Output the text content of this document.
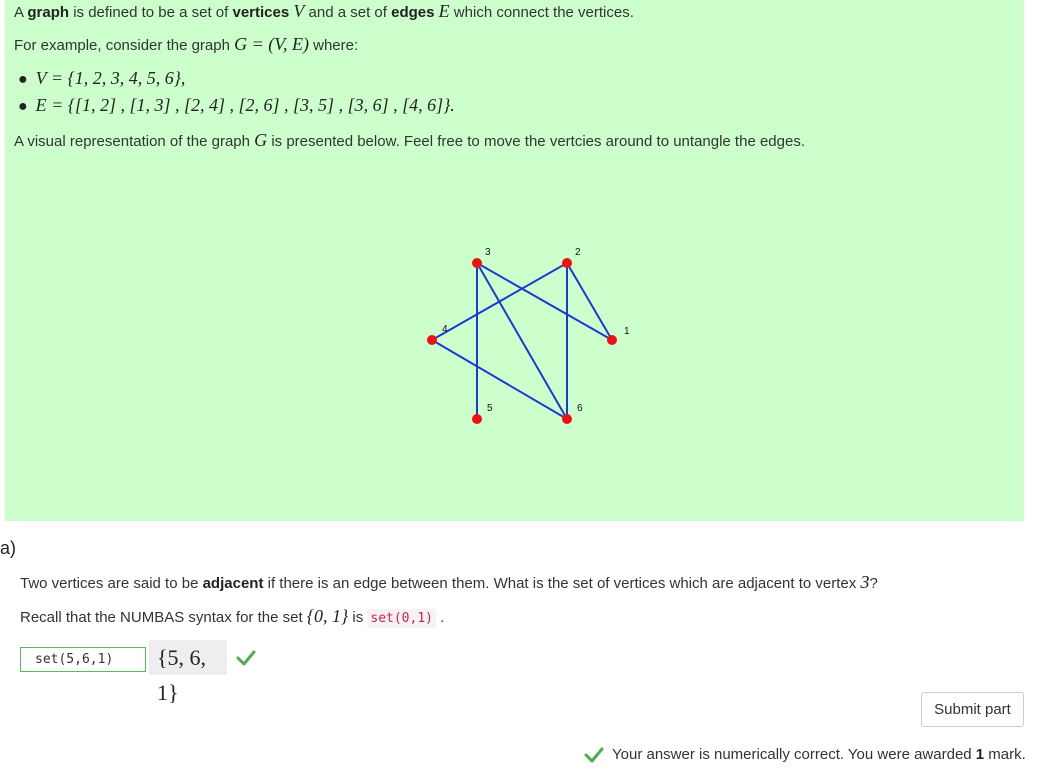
A graph is defined to be a set of vertices V and a set of edges E which connect the vertices.
For example, consider the graph G = (V, E) where:
● V = {1, 2, 3, 4, 5, 6},
● E = {[1, 2] , [1, 3] , [2, 4] , [2, 6] , [3, 5] , [3, 6] , [4, 6]}.
A visual representation of the graph G is presented below. Feel free to move the vertcies around to untangle the edges.
1
2
3
4
5	6
a)
Two vertices are said to be adjacent if there is an edge between them. What is the set of vertices which are adjacent to vertex 3?
Recall that the NUMBAS syntax for the set {0, 1} is set(0,1) .
set(5,6,1)
{5, 6, 1}
Submit part
Your answer is numerically correct. You were awarded 1 mark.
